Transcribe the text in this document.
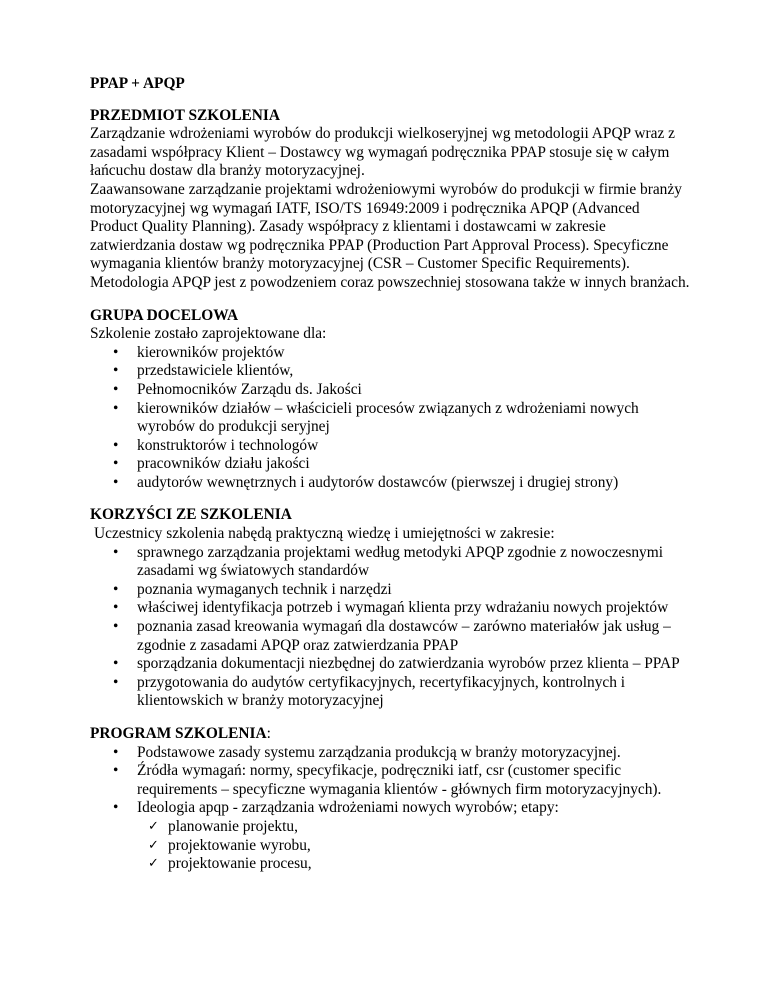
PPAP + APQP

PRZEDMIOT SZKOLENIA

Zarządzanie wdrożeniami wyrobów do produkcji wielkoseryjnej wg metodologii APQP wraz z zasadami współpracy Klient – Dostawcy wg wymagań podręcznika PPAP stosuje się w całym łańcuchu dostaw dla branży motoryzacyjnej.

Zaawansowane zarządzanie projektami wdrożeniowymi wyrobów do produkcji w firmie branży motoryzacyjnej wg wymagań IATF, ISO/TS 16949:2009 i podręcznika APQP (Advanced Product Quality Planning). Zasady współpracy z klientami i dostawcami w zakresie zatwierdzania dostaw wg podręcznika PPAP (Production Part Approval Process). Specyficzne wymagania klientów branży motoryzacyjnej (CSR – Customer Specific Requirements). Metodologia APQP jest z powodzeniem coraz powszechniej stosowana także w innych branżach.

GRUPA DOCELOWA

Szkolenie zostało zaprojektowane dla:

• kierowników projektów
• przedstawiciele klientów,
• Pełnomocników Zarządu ds. Jakości
• kierowników działów – właścicieli procesów związanych z wdrożeniami nowych wyrobów do produkcji seryjnej
• konstruktorów i technologów
• pracowników działu jakości
• audytorów wewnętrznych i audytorów dostawców (pierwszej i drugiej strony)

KORZYŚCI ZE SZKOLENIA

Uczestnicy szkolenia nabędą praktyczną wiedzę i umiejętności w zakresie:

• sprawnego zarządzania projektami według metodyki APQP zgodnie z nowoczesnymi zasadami wg światowych standardów
• poznania wymaganych technik i narzędzi
• właściwej identyfikacja potrzeb i wymagań klienta przy wdrażaniu nowych projektów
• poznania zasad kreowania wymagań dla dostawców – zarówno materiałów jak usług – zgodnie z zasadami APQP oraz zatwierdzania PPAP
• sporządzania dokumentacji niezbędnej do zatwierdzania wyrobów przez klienta – PPAP
• przygotowania do audytów certyfikacyjnych, recertyfikacyjnych, kontrolnych i klientowskich w branży motoryzacyjnej

PROGRAM SZKOLENIA:

• Podstawowe zasady systemu zarządzania produkcją w branży motoryzacyjnej.
• Źródła wymagań: normy, specyfikacje, podręczniki iatf, csr (customer specific requirements – specyficzne wymagania klientów - głównych firm motoryzacyjnych).
• Ideologia apqp - zarządzania wdrożeniami nowych wyrobów; etapy:
✓ planowanie projektu,
✓ projektowanie wyrobu,
✓ projektowanie procesu,
